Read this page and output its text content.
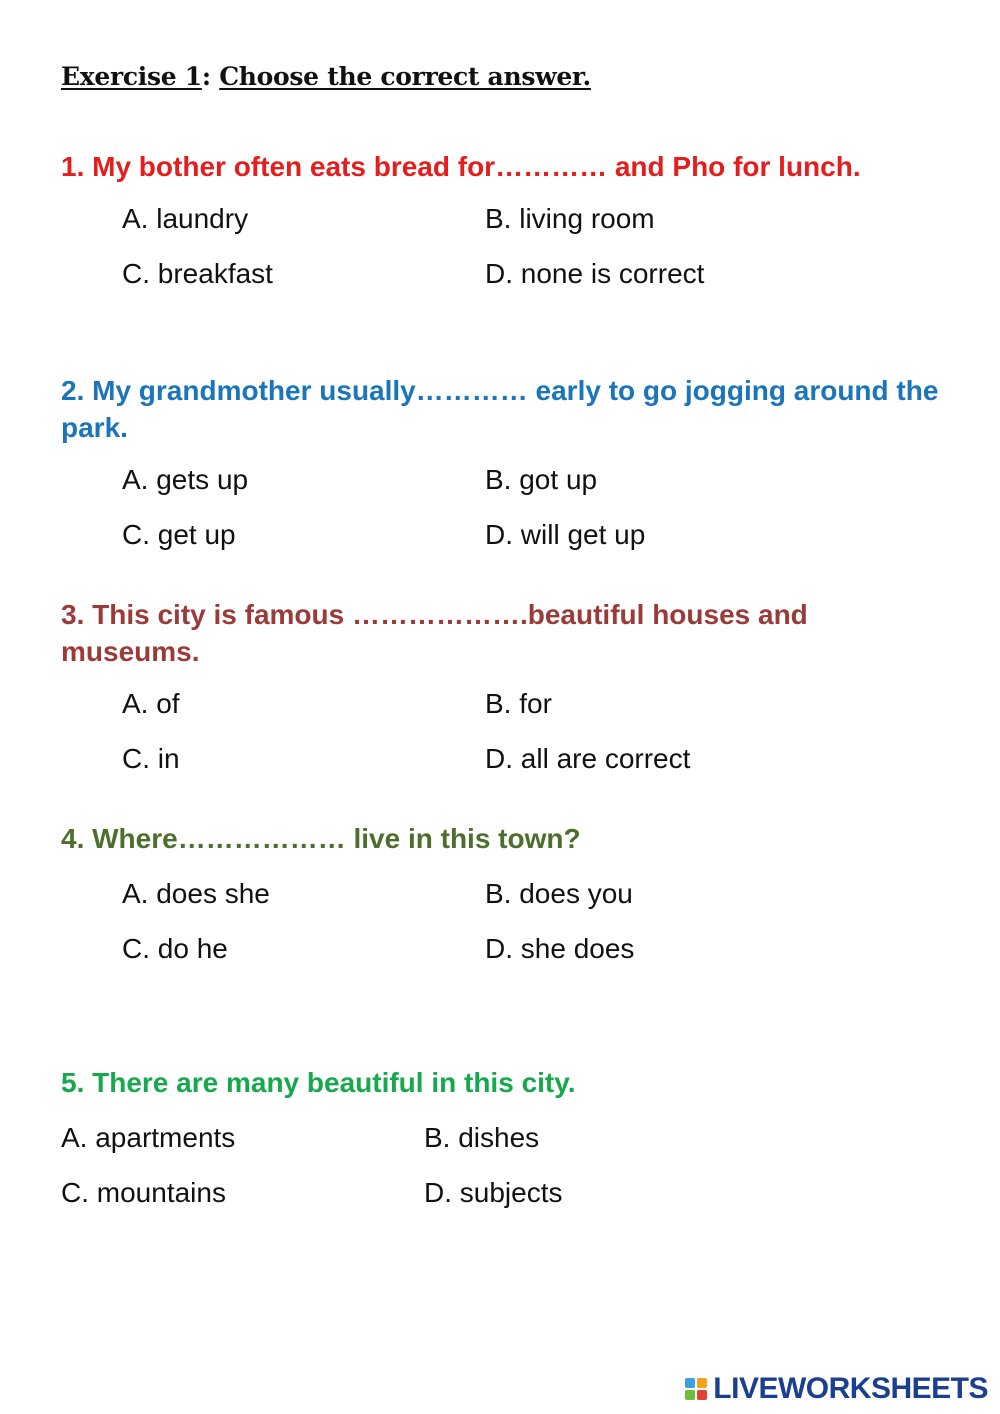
Exercise 1: Choose the correct answer.

1. My bother often eats bread for………… and Pho for lunch.

A. laundry	B. living room
C. breakfast	D. none is correct

2. My grandmother usually………… early to go jogging around the park.

A. gets up	B. got up
C. get up	D. will get up

3. This city is famous ……………….beautiful houses and museums.

A. of	B. for
C. in	D. all are correct

4. Where……………… live in this town?

A. does she	B. does you
C. do he	D. she does

5. There are many beautiful in this city.

A. apartments	B. dishes
C. mountains	D. subjects
LIVEWORKSHEETS
